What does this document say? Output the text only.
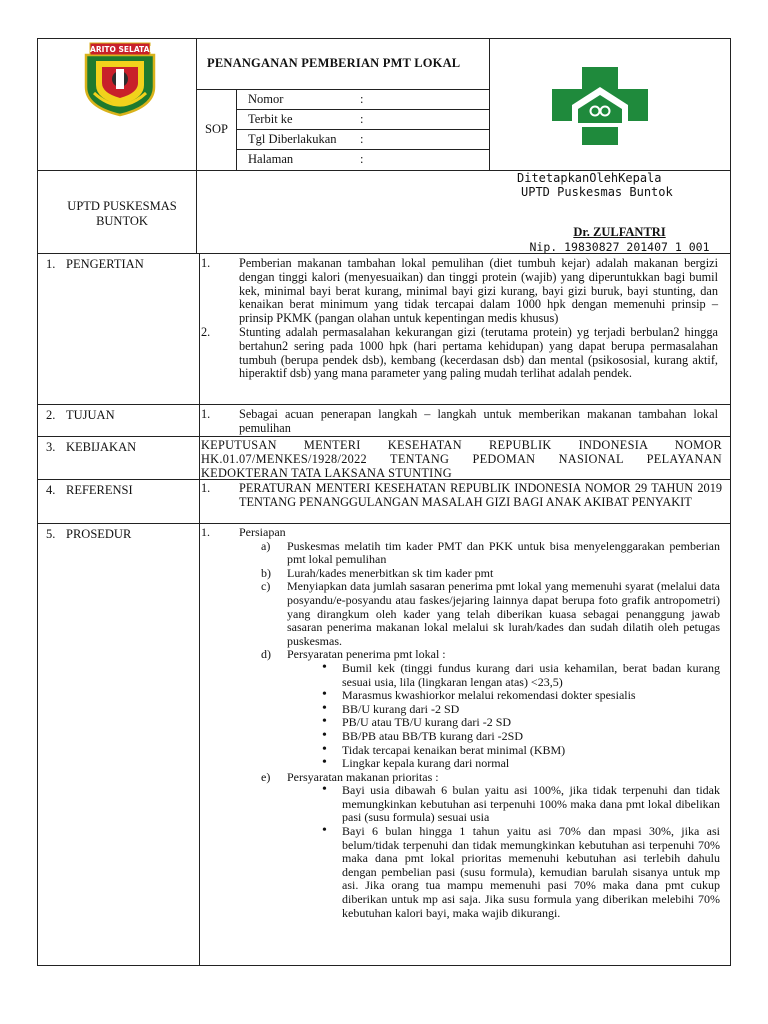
BARITO SELATAN
PENANGANAN PEMBERIAN PMT LOKAL
SOP
Nomor	:
Terbit ke	:
Tgl Diberlakukan :
Halaman	:
UPTD PUSKESMAS BUNTOK
DitetapkanOlehKepala
UPTD Puskesmas Buntok
Dr. ZULFANTRI
Nip. 19830827 201407 1 001
1. PENGERTIAN	1. Pemberian makanan tambahan lokal pemulihan (diet tumbuh kejar) adalah makanan bergizi dengan tinggi kalori (menyesuaikan) dan tinggi protein (wajib) yang diperuntukkan bagi bumil kek, minimal bayi berat kurang, minimal bayi gizi kurang, bayi gizi buruk, bayi stunting, dan kenaikan berat minimum yang tidak tercapai dalam 1000 hpk dengan memenuhi prinsip – prinsip PKMK (pangan olahan untuk kepentingan medis khusus)
2. Stunting adalah permasalahan kekurangan gizi (terutama protein) yg terjadi berbulan2 hingga bertahun2 sering pada 1000 hpk (hari pertama kehidupan) yang dapat berupa permasalahan tumbuh (berupa pendek dsb), kembang (kecerdasan dsb) dan mental (psikososial, kurang aktif, hiperaktif dsb) yang mana parameter yang paling mudah terlihat adalah pendek.
2. TUJUAN	1. Sebagai acuan penerapan langkah – langkah untuk memberikan makanan tambahan lokal pemulihan
3. KEBIJAKAN	KEPUTUSAN MENTERI KESEHATAN REPUBLIK INDONESIA NOMOR HK.01.07/MENKES/1928/2022 TENTANG PEDOMAN NASIONAL PELAYANAN KEDOKTERAN TATA LAKSANA STUNTING
4. REFERENSI	1. PERATURAN MENTERI KESEHATAN REPUBLIK INDONESIA NOMOR 29 TAHUN 2019 TENTANG PENANGGULANGAN MASALAH GIZI BAGI ANAK AKIBAT PENYAKIT
5. PROSEDUR	1. Persiapan
a) Puskesmas melatih tim kader PMT dan PKK untuk bisa menyelenggarakan pemberian pmt lokal pemulihan
b) Lurah/kades menerbitkan sk tim kader pmt
c) Menyiapkan data jumlah sasaran penerima pmt lokal yang memenuhi syarat (melalui data posyandu/e-posyandu atau faskes/jejaring lainnya dapat berupa foto grafik antropometri) yang dirangkum oleh kader yang telah diberikan kuasa sebagai penanggung jawab sasaran penerima makanan lokal melalui sk lurah/kades dan sudah dilatih oleh petugas puskesmas.
d) Persyaratan penerima pmt lokal :
• Bumil kek (tinggi fundus kurang dari usia kehamilan, berat badan kurang sesuai usia, lila (lingkaran lengan atas) <23,5)
• Marasmus kwashiorkor melalui rekomendasi dokter spesialis
• BB/U kurang dari -2 SD
• PB/U atau TB/U kurang dari -2 SD
• BB/PB atau BB/TB kurang dari -2SD
• Tidak tercapai kenaikan berat minimal (KBM)
• Lingkar kepala kurang dari normal
e) Persyaratan makanan prioritas :
• Bayi usia dibawah 6 bulan yaitu asi 100%, jika tidak terpenuhi dan tidak memungkinkan kebutuhan asi terpenuhi 100% maka dana pmt lokal dibelikan pasi (susu formula) sesuai usia
• Bayi 6 bulan hingga 1 tahun yaitu asi 70% dan mpasi 30%, jika asi belum/tidak terpenuhi dan tidak memungkinkan kebutuhan asi terpenuhi 70% maka dana pmt lokal prioritas memenuhi kebutuhan asi terlebih dahulu dengan pembelian pasi (susu formula), kemudian barulah sisanya untuk mp asi. Jika orang tua mampu memenuhi pasi 70% maka dana pmt cukup diberikan untuk mp asi saja. Jika susu formula yang diberikan melebihi 70% kebutuhan kalori bayi, maka wajib dikurangi.
